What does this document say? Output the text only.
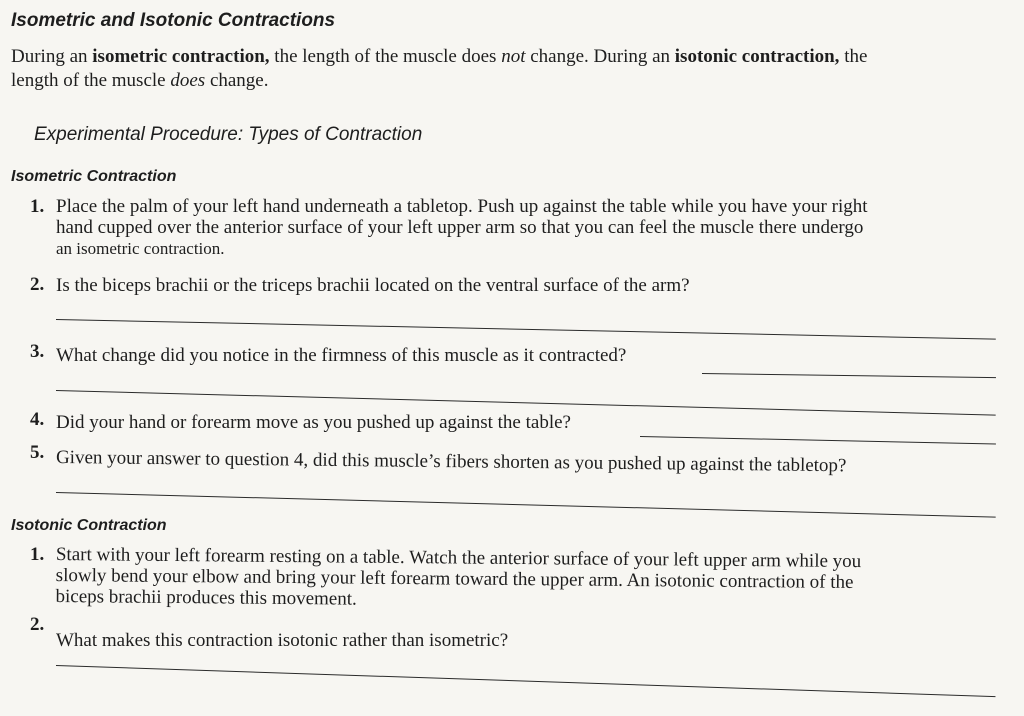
Isometric and Isotonic Contractions
During an isometric contraction, the length of the muscle does not change. During an isotonic contraction, the
length of the muscle does change.
Experimental Procedure: Types of Contraction
Isometric Contraction
1. Place the palm of your left hand underneath a tabletop. Push up against the table while you have your right
hand cupped over the anterior surface of your left upper arm so that you can feel the muscle there undergo
an isometric contraction.
2. Is the biceps brachii or the triceps brachii located on the ventral surface of the arm?
3. What change did you notice in the firmness of this muscle as it contracted?
4. Did your hand or forearm move as you pushed up against the table?
5. Given your answer to question 4, did this muscle’s fibers shorten as you pushed up against the tabletop?
Isotonic Contraction
1. Start with your left forearm resting on a table. Watch the anterior surface of your left upper arm while you
slowly bend your elbow and bring your left forearm toward the upper arm. An isotonic contraction of the
biceps brachii produces this movement.
2.
What makes this contraction isotonic rather than isometric?
